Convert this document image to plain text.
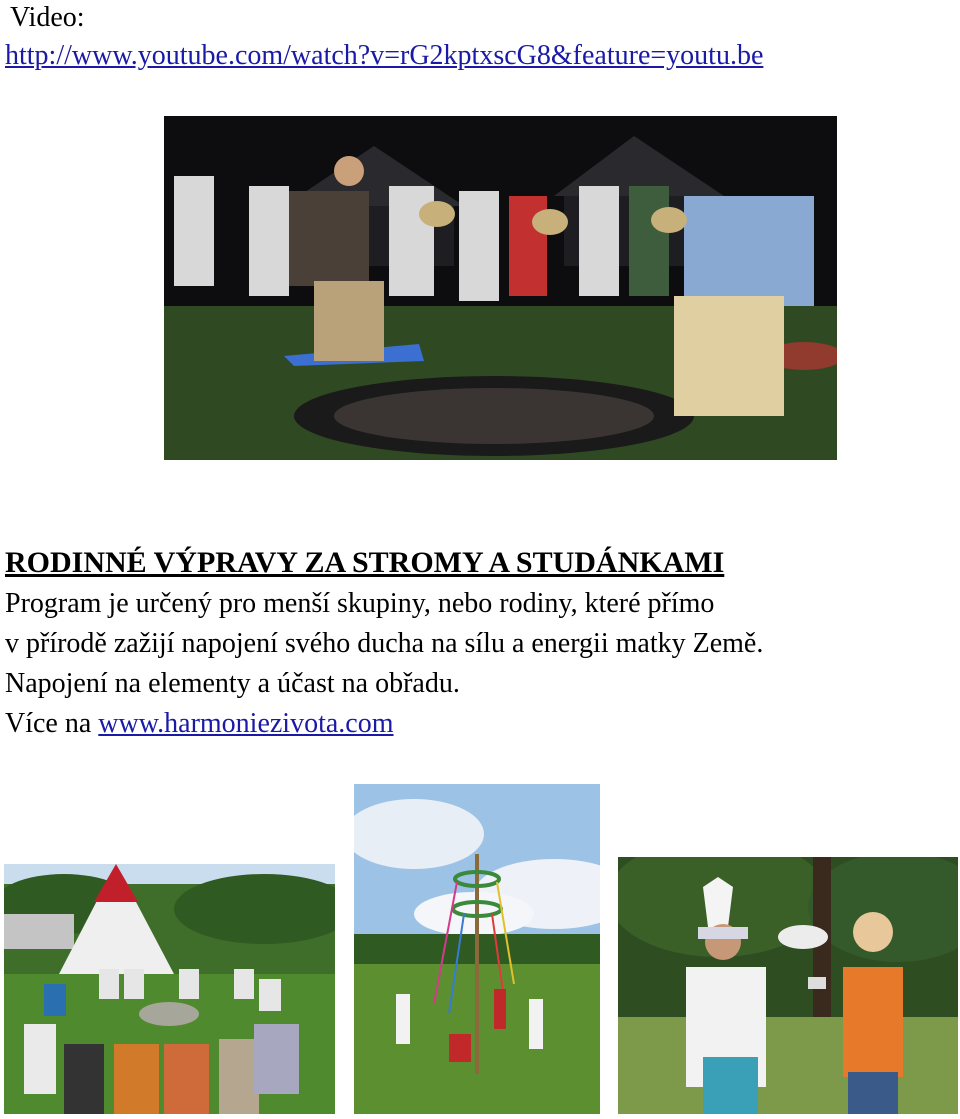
Video:
http://www.youtube.com/watch?v=rG2kptxscG8&feature=youtu.be
RODINNÉ VÝPRAVY ZA STROMY A STUDÁNKAMI
Program je určený pro menší skupiny, nebo rodiny, které přímo
v přírodě zažijí napojení svého ducha na sílu a energii matky Země.
Napojení na elementy a účast na obřadu.
Více na www.harmoniezivota.com
